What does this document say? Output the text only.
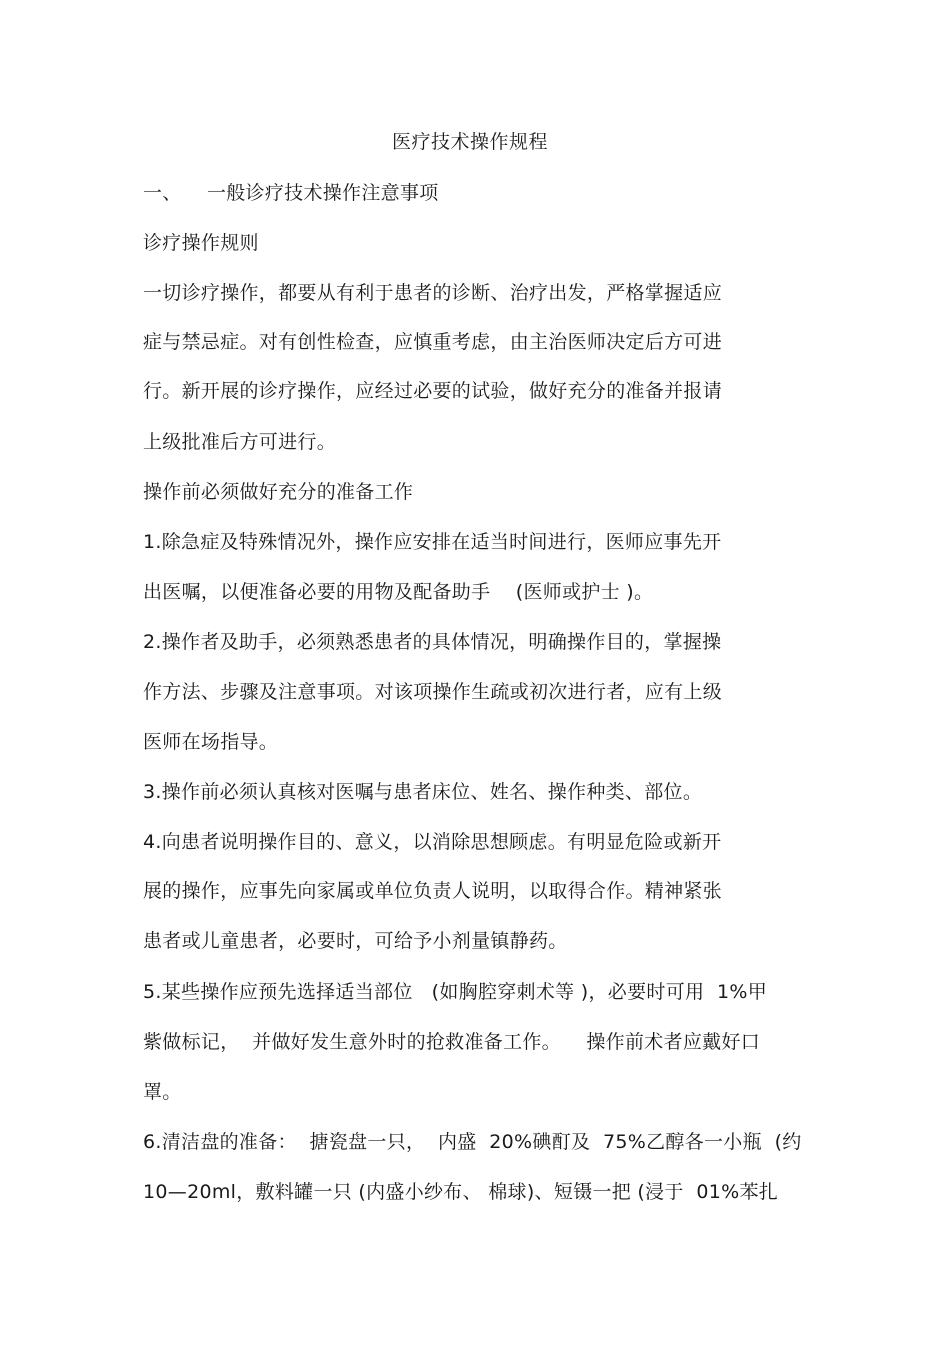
医疗技术操作规程
一、    一般诊疗技术操作注意事项
诊疗操作规则
一切诊疗操作，都要从有利于患者的诊断、治疗出发，严格掌握适应
症与禁忌症。对有创性检查，应慎重考虑，由主治医师决定后方可进
行。新开展的诊疗操作，应经过必要的试验，做好充分的准备并报请
上级批准后方可进行。
操作前必须做好充分的准备工作
1.除急症及特殊情况外，操作应安排在适当时间进行，医师应事先开
出医嘱，以便准备必要的用物及配备助手    (医师或护士 )。
2.操作者及助手，必须熟悉患者的具体情况，明确操作目的，掌握操
作方法、步骤及注意事项。对该项操作生疏或初次进行者，应有上级
医师在场指导。
3.操作前必须认真核对医嘱与患者床位、姓名、操作种类、部位。
4.向患者说明操作目的、意义，以消除思想顾虑。有明显危险或新开
展的操作，应事先向家属或单位负责人说明，以取得合作。精神紧张
患者或儿童患者，必要时，可给予小剂量镇静药。
5.某些操作应预先选择适当部位   (如胸腔穿刺术等 )，必要时可用  1%甲
紫做标记，  并做好发生意外时的抢救准备工作。    操作前术者应戴好口
罩。
6.清洁盘的准备：  搪瓷盘一只，  内盛  20%碘酊及  75%乙醇各一小瓶  (约
10—20ml，敷料罐一只 (内盛小纱布、 棉球)、短镊一把 (浸于  01%苯扎
